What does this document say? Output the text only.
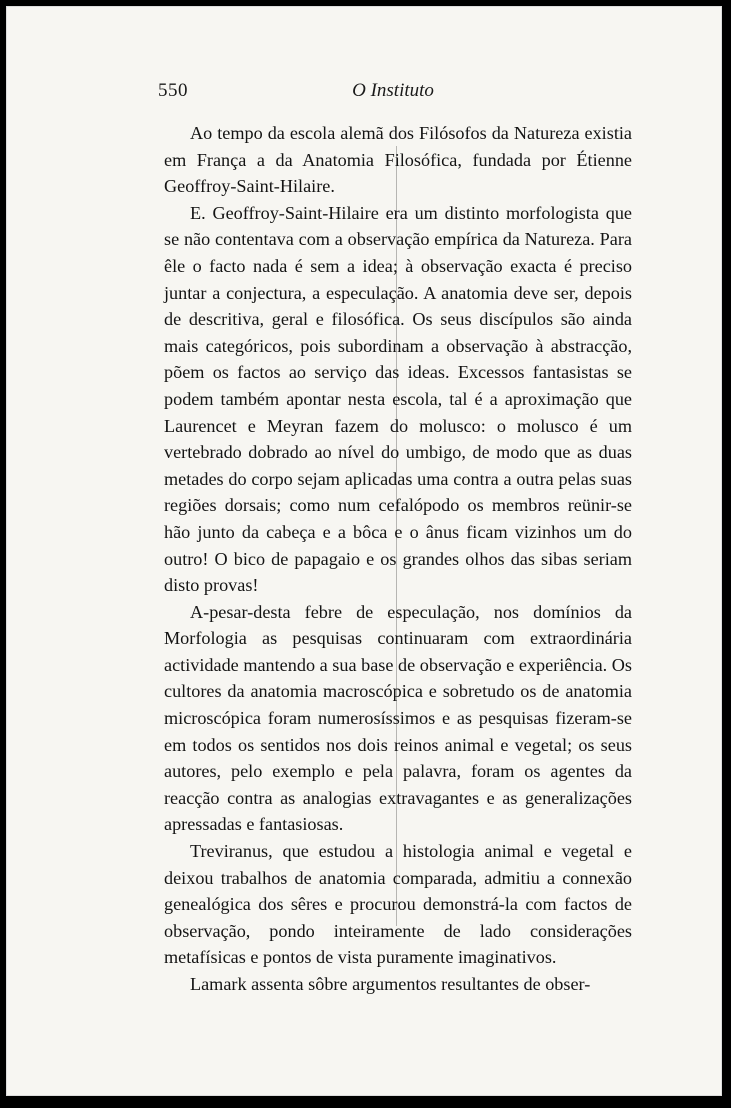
550	O Instituto

Ao tempo da escola alemã dos Filósofos da Natureza existia em França a da Anatomia Filosófica, fundada por Étienne Geoffroy-Saint-Hilaire.

E. Geoffroy-Saint-Hilaire era um distinto morfologista que se não contentava com a observação empírica da Natureza. Para êle o facto nada é sem a idea; à observação exacta é preciso juntar a conjectura, a especulação. A anatomia deve ser, depois de descritiva, geral e filosófica. Os seus discípulos são ainda mais categóricos, pois subordinam a observação à abstracção, põem os factos ao serviço das ideas. Excessos fantasistas se podem também apontar nesta escola, tal é a aproximação que Laurencet e Meyran fazem do molusco: o molusco é um vertebrado dobrado ao nível do umbigo, de modo que as duas metades do corpo sejam aplicadas uma contra a outra pelas suas regiões dorsais; como num cefalópodo os membros reünir-se hão junto da cabeça e a bôca e o ânus ficam vizinhos um do outro! O bico de papagaio e os grandes olhos das sibas seriam disto provas!

A-pesar-desta febre de especulação, nos domínios da Morfologia as pesquisas continuaram com extraordinária actividade mantendo a sua base de observação e experiência. Os cultores da anatomia macroscópica e sobretudo os de anatomia microscópica foram numerosíssimos e as pesquisas fizeram-se em todos os sentidos nos dois reinos animal e vegetal; os seus autores, pelo exemplo e pela palavra, foram os agentes da reacção contra as analogias extravagantes e as generalizações apressadas e fantasiosas.

Treviranus, que estudou a histologia animal e vegetal e deixou trabalhos de anatomia comparada, admitiu a connexão genealógica dos sêres e procurou demonstrá-la com factos de observação, pondo inteiramente de lado considerações metafísicas e pontos de vista puramente imaginativos.

Lamark assenta sôbre argumentos resultantes de obser-
